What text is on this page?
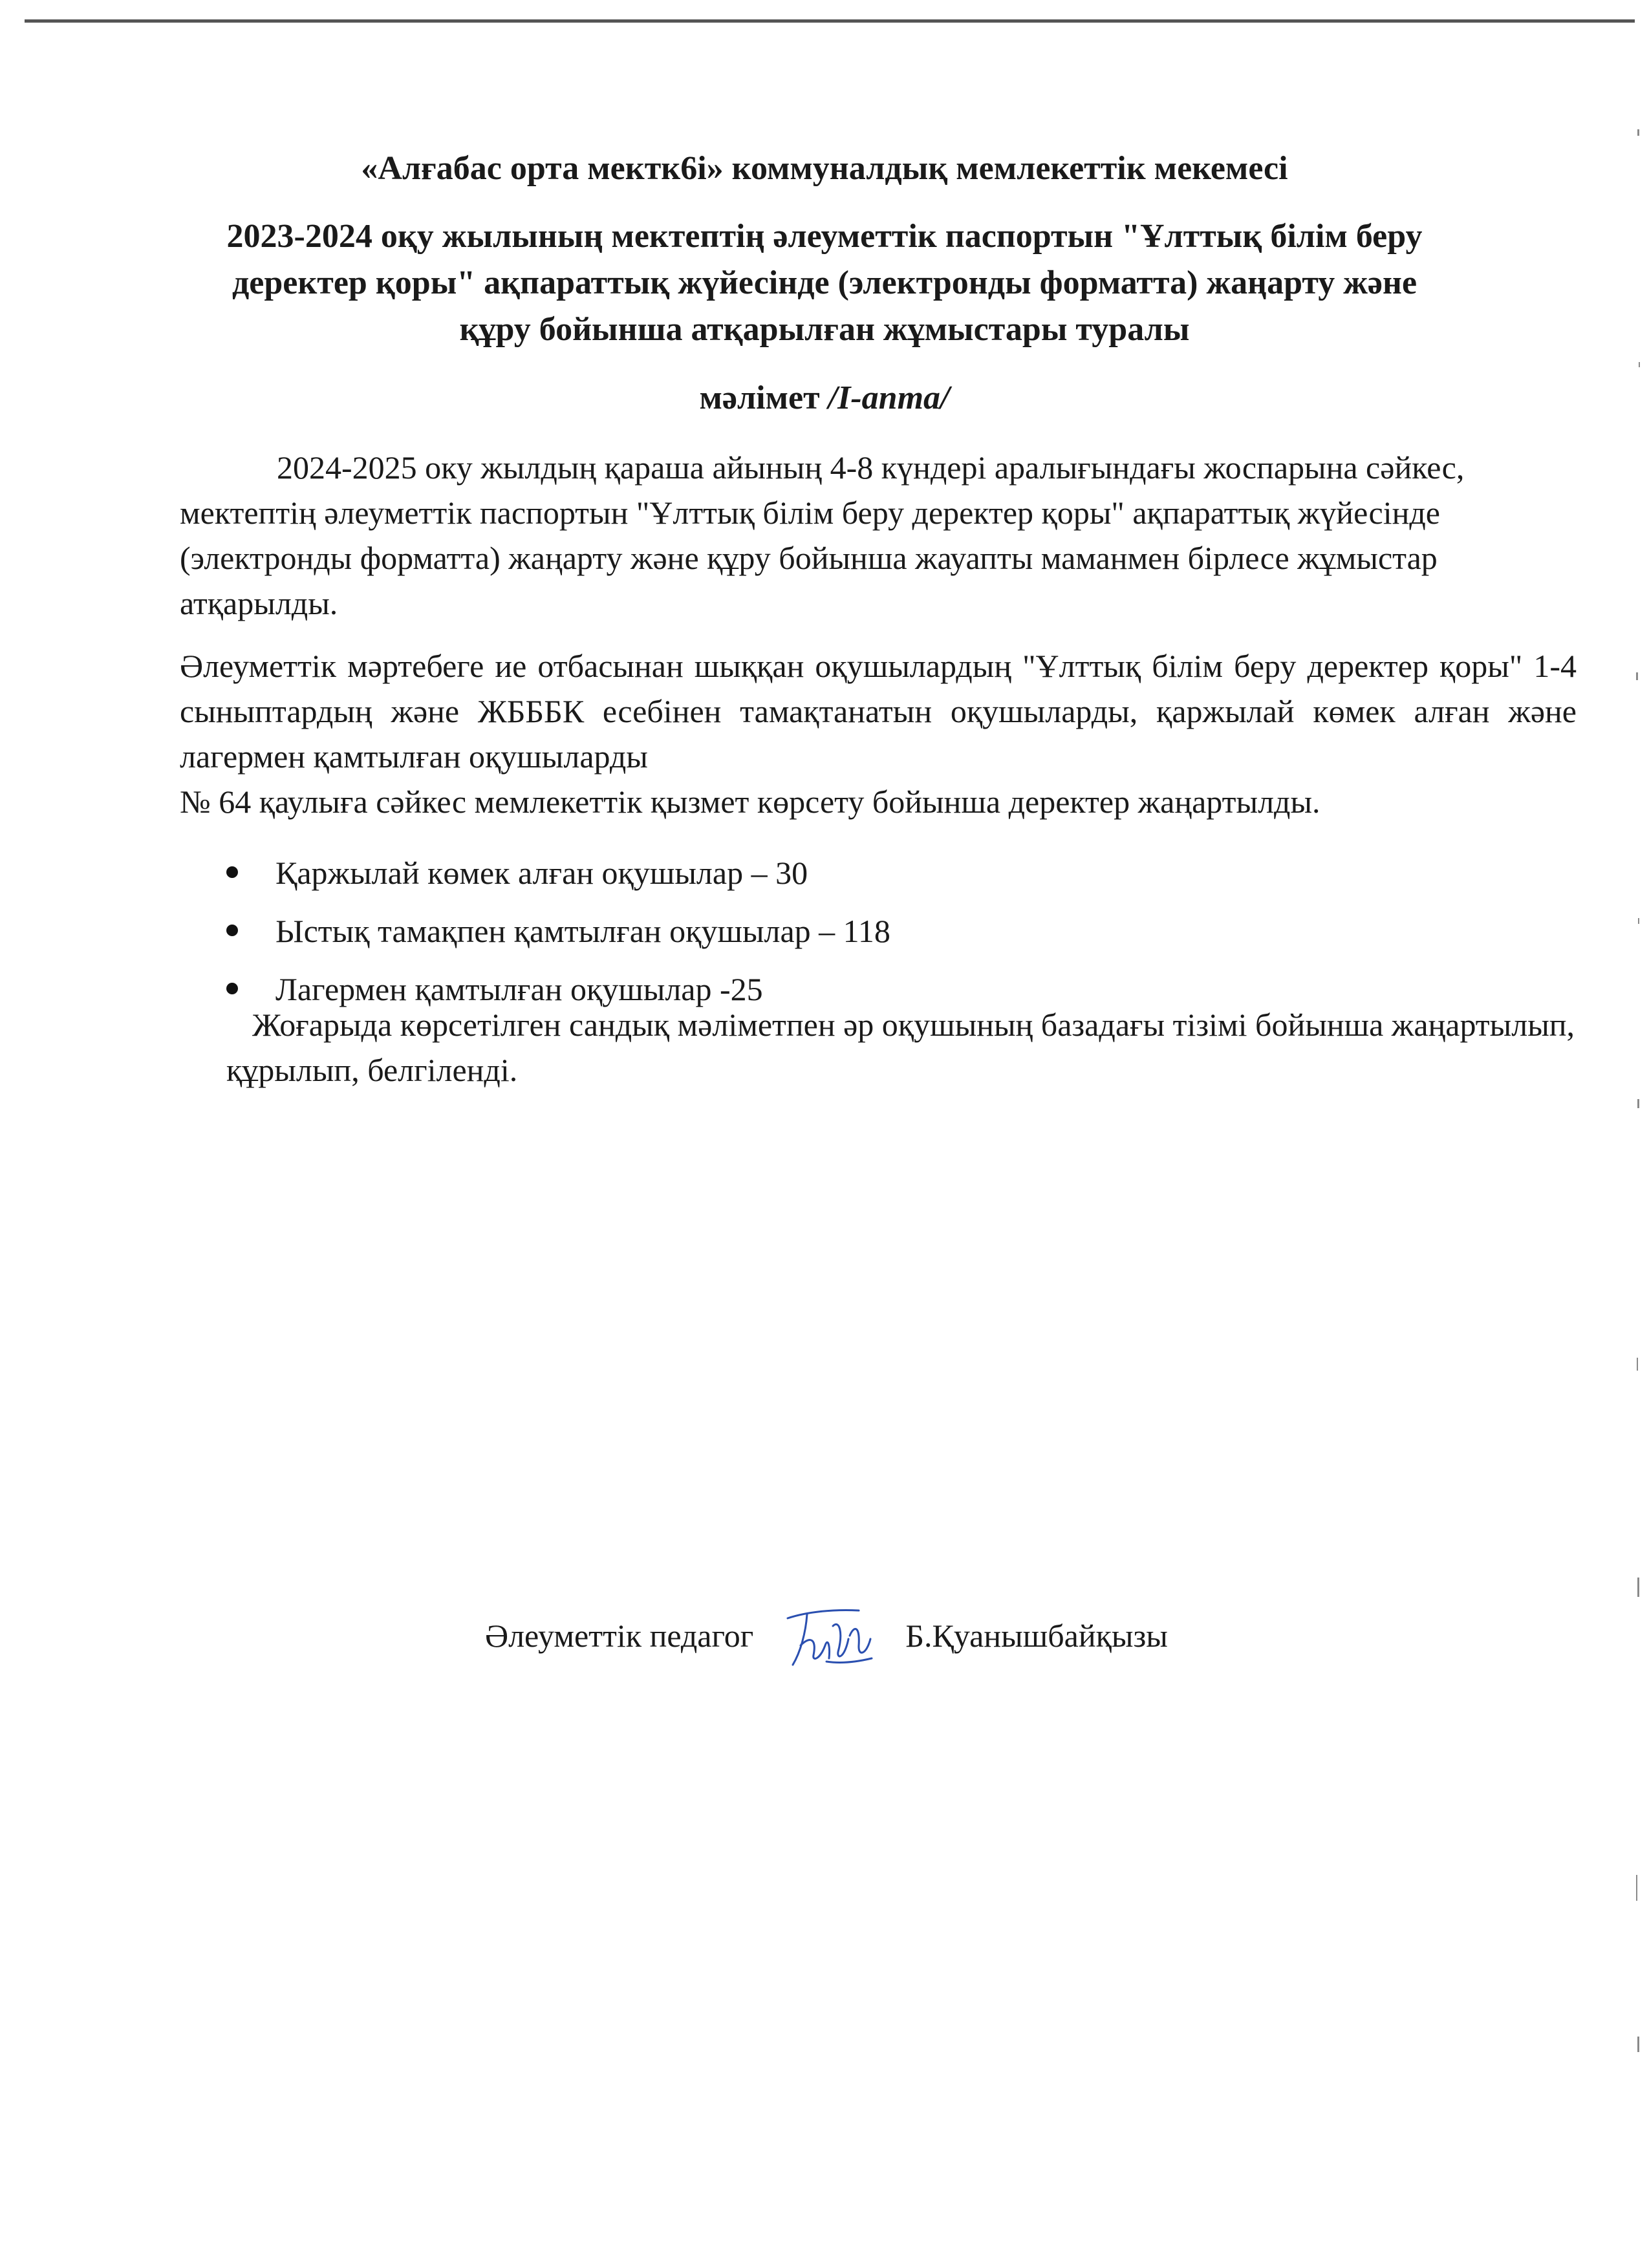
«Алғабас орта мектк6і» коммуналдық мемлекеттік мекемесі
2023-2024 оқу жылының мектептің әлеуметтік паспортын "Ұлттық білім беру деректер қоры" ақпараттық жүйесінде (электронды форматта) жаңарту және құру бойынша атқарылған жұмыстары туралы
мәлімет /I-апта/
2024-2025 оку жылдың қараша айының 4-8 күндері аралығындағы жоспарына сәйкес, мектептің әлеуметтік паспортын "Ұлттық білім беру деректер қоры" ақпараттық жүйесінде (электронды форматта) жаңарту және құру бойынша жауапты маманмен бірлесе жұмыстар атқарылды.
Әлеуметтік мәртебеге ие отбасынан шыққан оқушылардың "Ұлттық білім беру деректер қоры" 1-4 сыныптардың және ЖБББК есебінен тамақтанатын оқушыларды, қаржылай көмек алған және лагермен қамтылған оқушыларды
№ 64 қаулыға сәйкес мемлекеттік қызмет көрсету бойынша деректер жаңартылды.
Қаржылай көмек алған оқушылар – 30
Ыстық тамақпен қамтылған оқушылар – 118
Лагермен қамтылған оқушылар -25
Жоғарыда көрсетілген сандық мәліметпен әр оқушының базадағы тізімі бойынша жаңартылып, құрылып, белгіленді.
Әлеуметтік педагог	Б.Қуанышбайқызы
